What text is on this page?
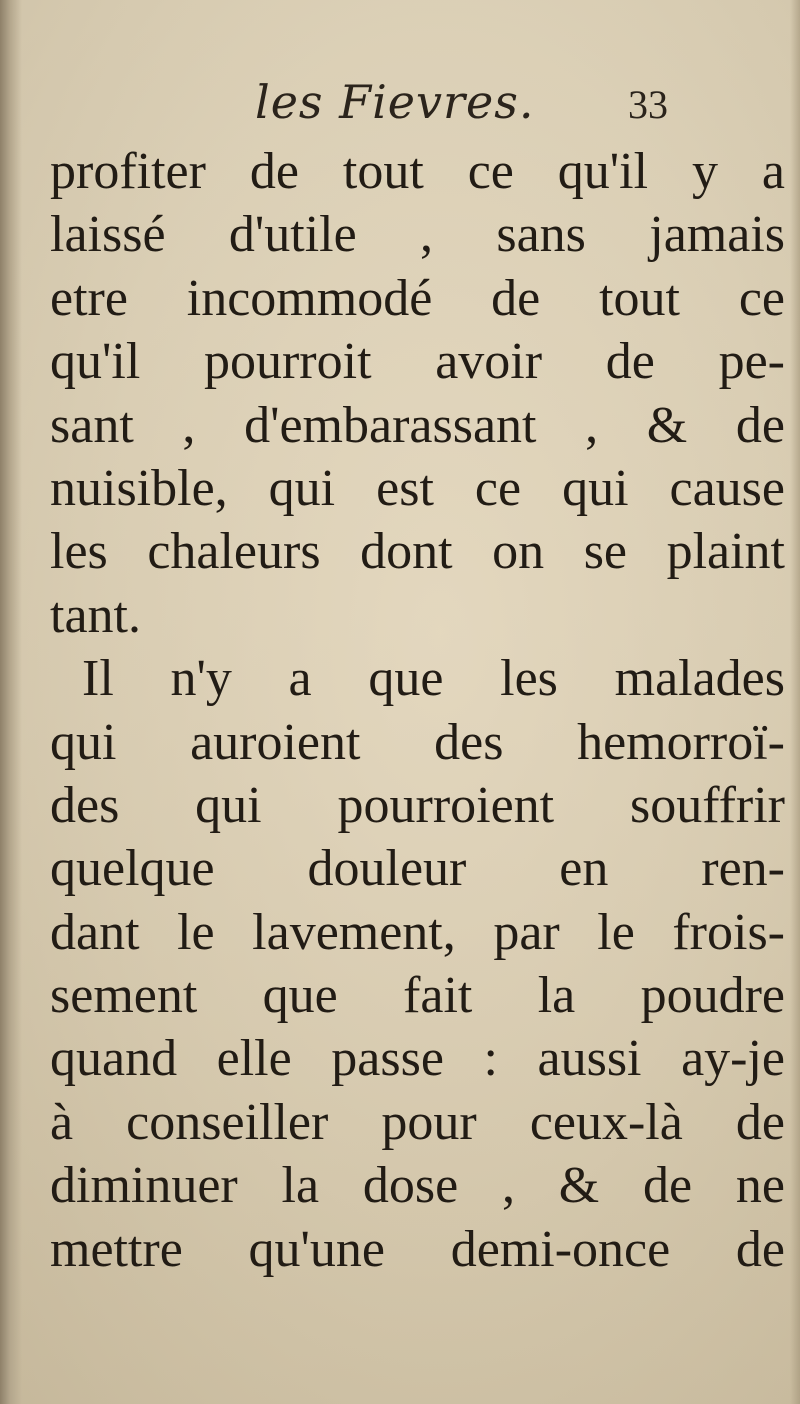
les Fievres. 33
profiter de tout ce qu'il y a
laissé d'utile , sans jamais
etre incommodé de tout ce
qu'il pourroit avoir de pe-
sant , d'embarassant , & de
nuisible, qui est ce qui cause
les chaleurs dont on se plaint
tant.
Il n'y a que les malades
qui auroient des hemorroï-
des qui pourroient souffrir
quelque douleur en ren-
dant le lavement, par le frois-
sement que fait la poudre
quand elle passe : aussi ay-je
à conseiller pour ceux-là de
diminuer la dose , & de ne
mettre qu'une demi-once de
